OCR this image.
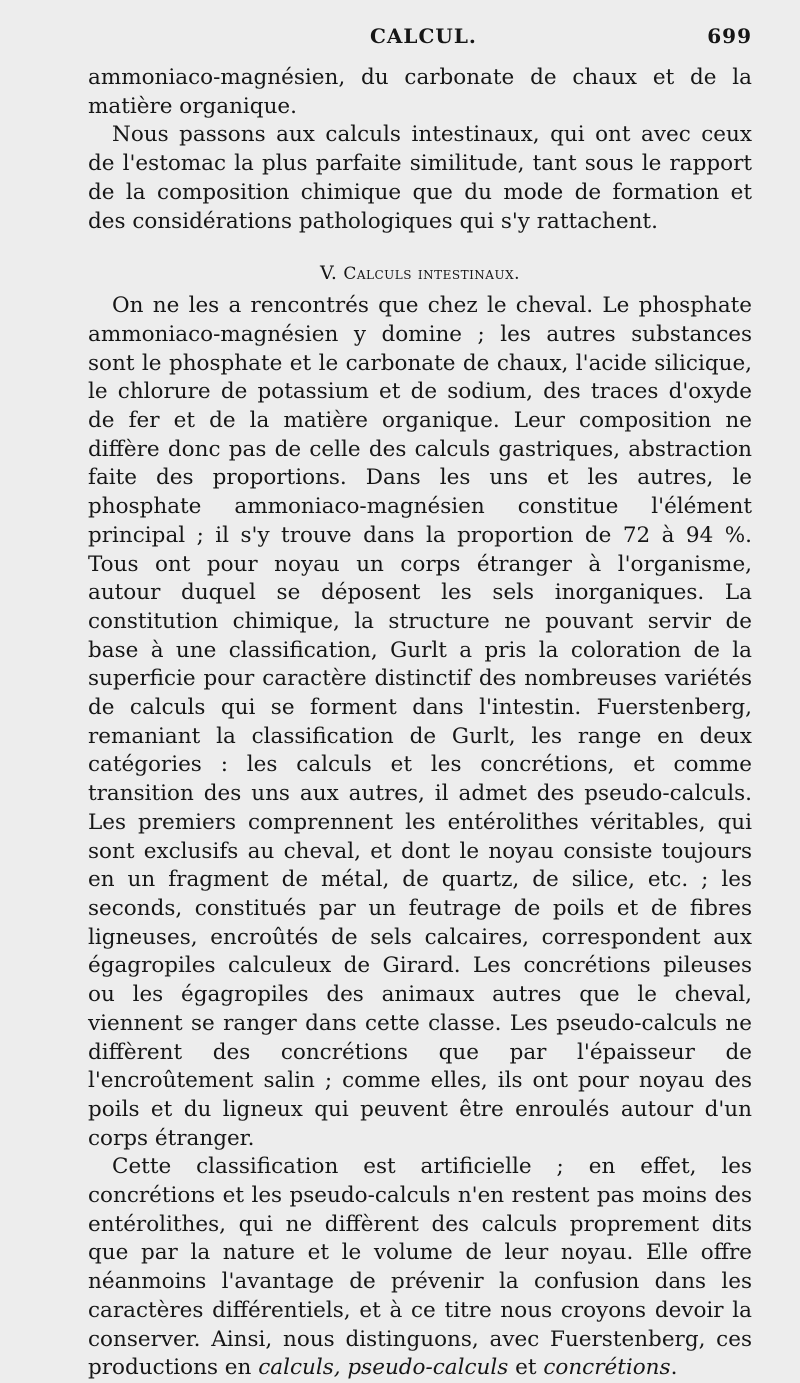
CALCUL.	699

ammoniaco-magnésien, du carbonate de chaux et de la matière organique.

Nous passons aux calculs intestinaux, qui ont avec ceux de l'estomac la plus parfaite similitude, tant sous le rapport de la composition chimique que du mode de formation et des considérations pathologiques qui s'y rattachent.

V. Calculs intestinaux.

On ne les a rencontrés que chez le cheval. Le phosphate ammoniaco-magnésien y domine ; les autres substances sont le phosphate et le carbonate de chaux, l'acide silicique, le chlorure de potassium et de sodium, des traces d'oxyde de fer et de la matière organique. Leur composition ne diffère donc pas de celle des calculs gastriques, abstraction faite des proportions. Dans les uns et les autres, le phosphate ammoniaco-magnésien constitue l'élément principal ; il s'y trouve dans la proportion de 72 à 94 %. Tous ont pour noyau un corps étranger à l'organisme, autour duquel se déposent les sels inorganiques. La constitution chimique, la structure ne pouvant servir de base à une classification, Gurlt a pris la coloration de la superficie pour caractère distinctif des nombreuses variétés de calculs qui se forment dans l'intestin. Fuerstenberg, remaniant la classification de Gurlt, les range en deux catégories : les calculs et les concrétions, et comme transition des uns aux autres, il admet des pseudo-calculs. Les premiers comprennent les entérolithes véritables, qui sont exclusifs au cheval, et dont le noyau consiste toujours en un fragment de métal, de quartz, de silice, etc. ; les seconds, constitués par un feutrage de poils et de fibres ligneuses, encroûtés de sels calcaires, correspondent aux égagropiles calculeux de Girard. Les concrétions pileuses ou les égagropiles des animaux autres que le cheval, viennent se ranger dans cette classe. Les pseudo-calculs ne diffèrent des concrétions que par l'épaisseur de l'encroûtement salin ; comme elles, ils ont pour noyau des poils et du ligneux qui peuvent être enroulés autour d'un corps étranger.

Cette classification est artificielle ; en effet, les concrétions et les pseudo-calculs n'en restent pas moins des entérolithes, qui ne diffèrent des calculs proprement dits que par la nature et le volume de leur noyau. Elle offre néanmoins l'avantage de prévenir la confusion dans les caractères différentiels, et à ce titre nous croyons devoir la conserver. Ainsi, nous distinguons, avec Fuerstenberg, ces productions en calculs, pseudo-calculs et concrétions.
